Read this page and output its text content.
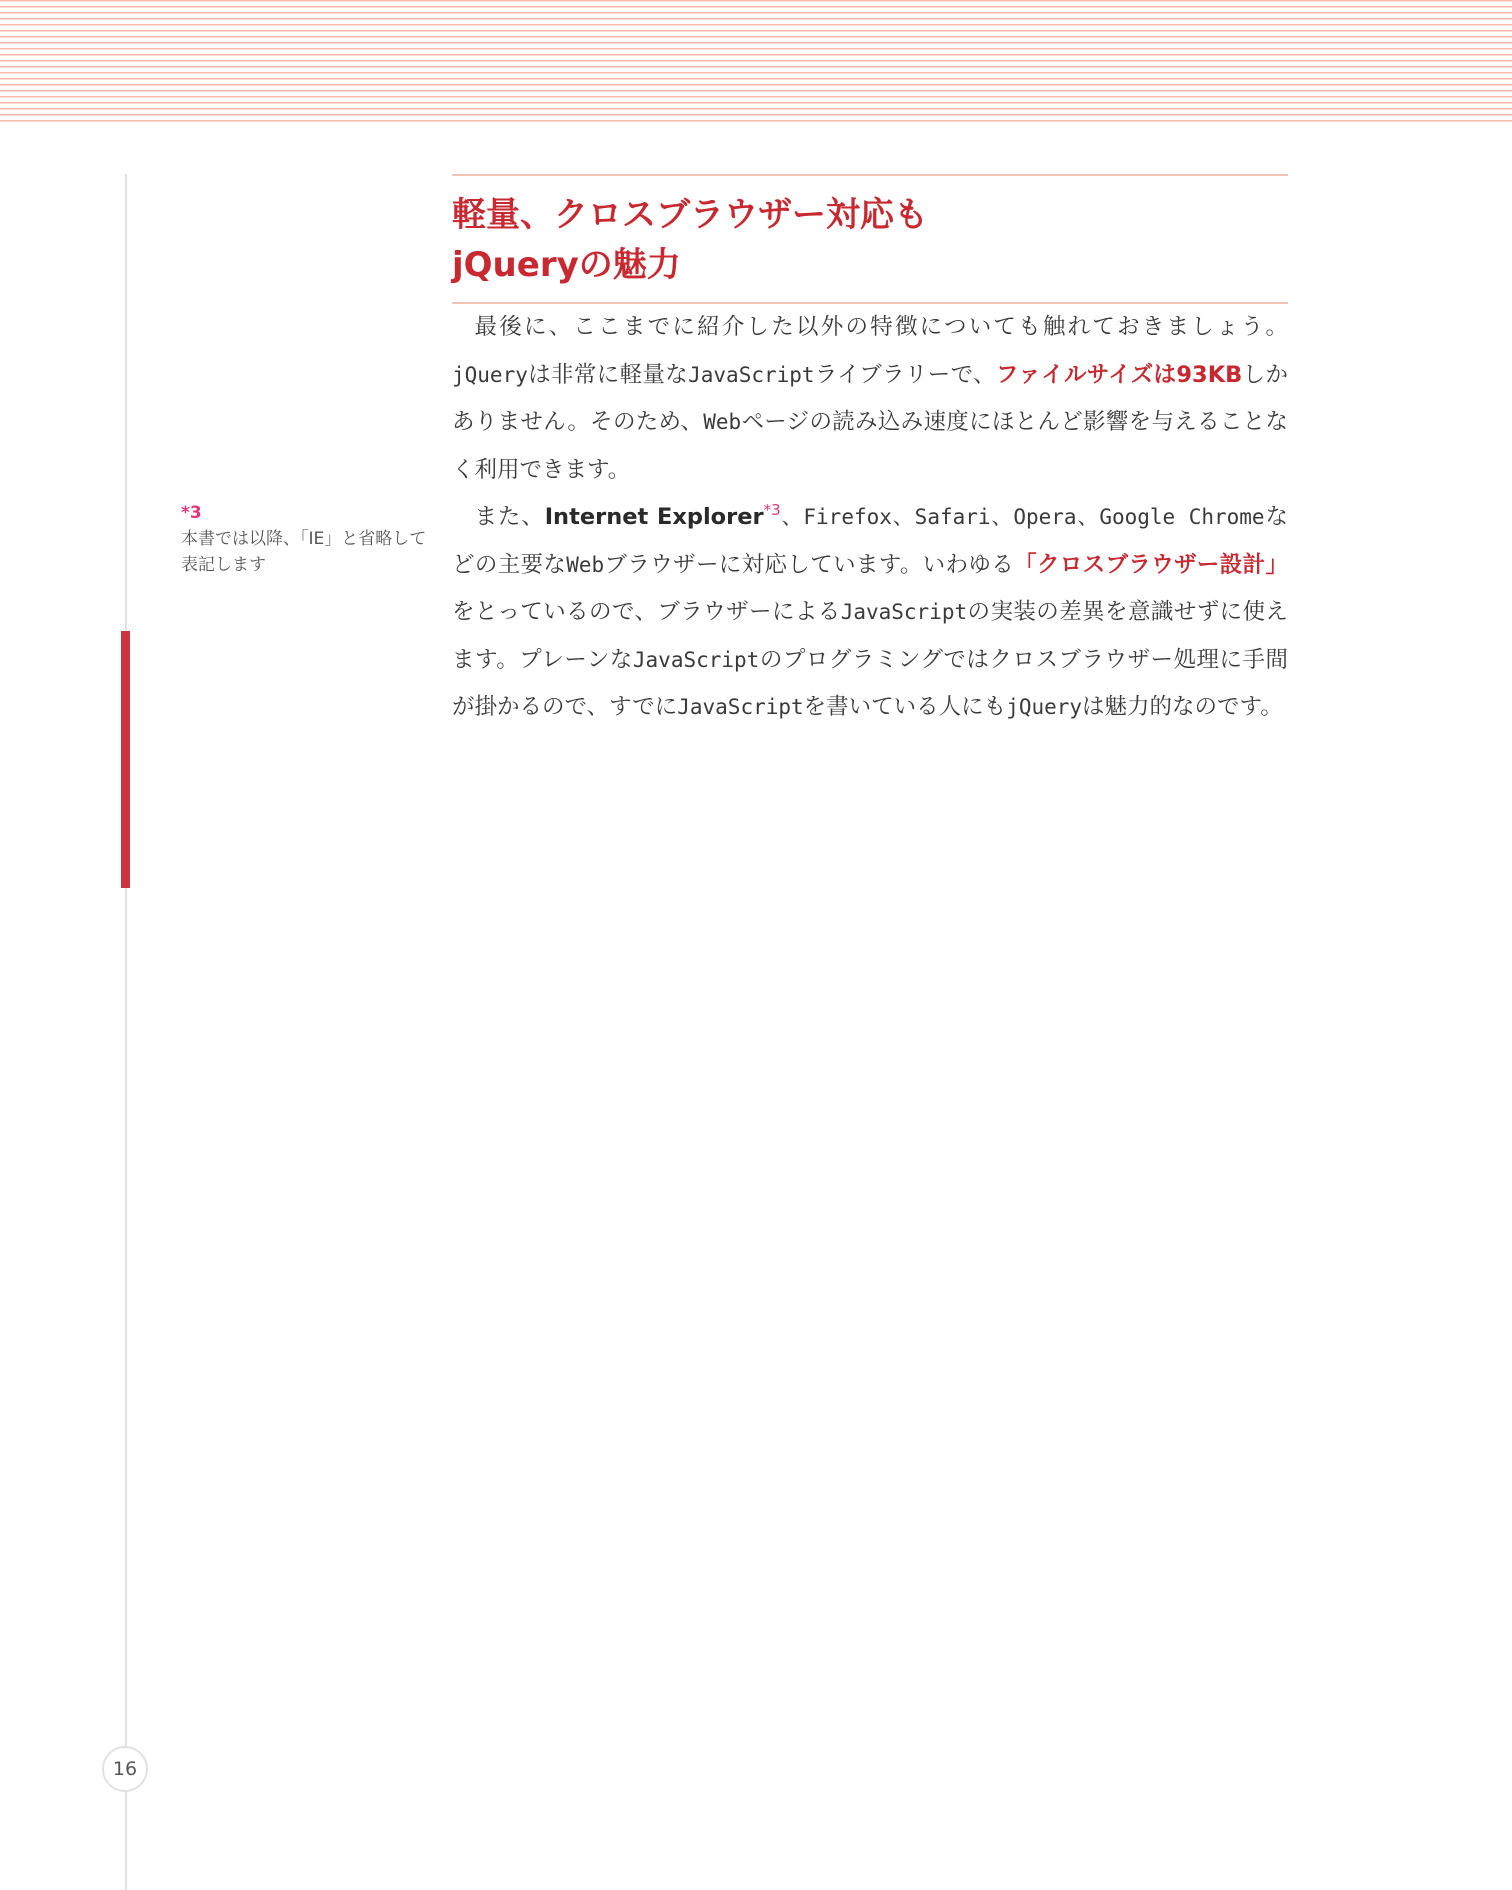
*3
本書では以降、「IE」と省略して表記します
軽量、クロスブラウザー対応も
jQueryの魅力

最後に、ここまでに紹介した以外の特徴についても触れておきましょう。jQueryは非常に軽量なJavaScriptライブラリーで、ファイルサイズは93KBしかありません。そのため、Webページの読み込み速度にほとんど影響を与えることなく利用できます。

また、Internet Explorer$^{*3}$、Firefox、Safari、Opera、Google Chromeなどの主要なWebブラウザーに対応しています。いわゆる「クロスブラウザー設計」をとっているので、ブラウザーによるJavaScriptの実装の差異を意識せずに使えます。プレーンなJavaScriptのプログラミングではクロスブラウザー処理に手間が掛かるので、すでにJavaScriptを書いている人にもjQueryは魅力的なのです。

16
